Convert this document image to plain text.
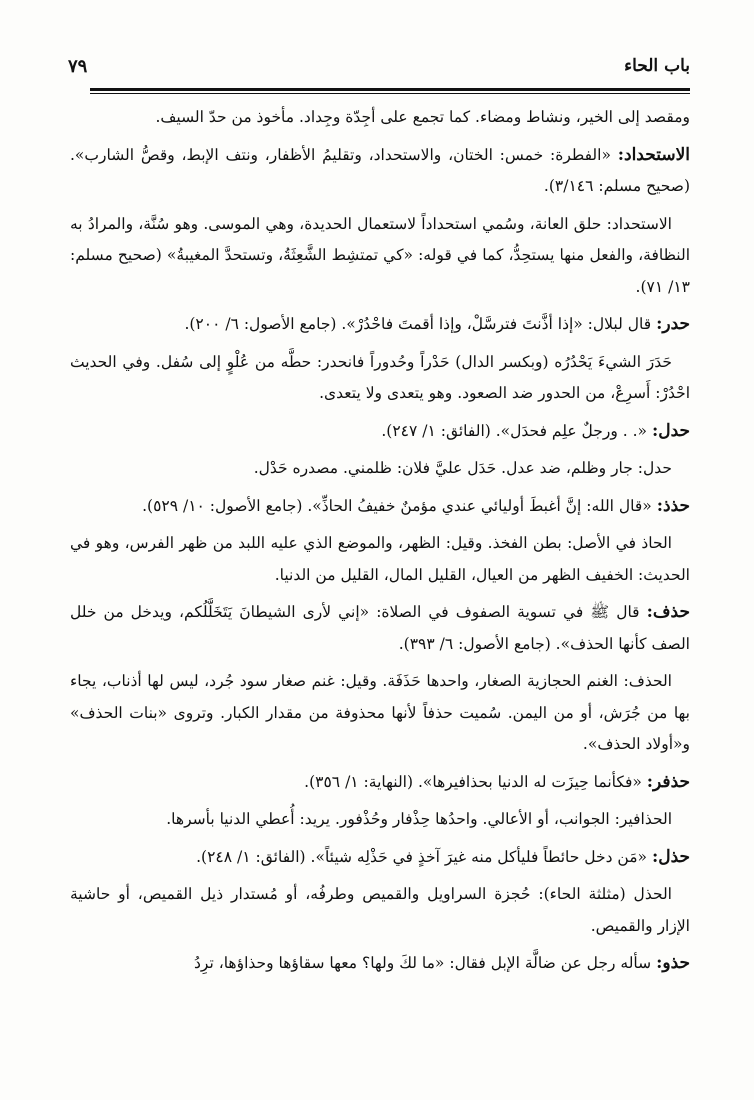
باب الحاء
٧٩

ومقصد إلى الخير، ونشاط ومضاء. كما تجمع على أجِدّة وجِداد. مأخوذ من حدّ السيف.

الاستحداد: «الفطرة: خمس: الختان، والاستحداد، وتقليمُ الأظفار، ونتف الإبط، وقصُّ الشارب». (صحيح مسلم: ٣/١٤٦).

الاستحداد: حلق العانة، وسُمي استحداداً لاستعمال الحديدة، وهي الموسى. وهو سُنَّة، والمرادُ به النظافة، والفعل منها يستحِدُّ، كما في قوله: «كي تمتشِط الشَّعِثَةُ، وتستحدَّ المغيبةُ» (صحيح مسلم: ١٣/ ٧١).

حدر: قال لبلال: «إذا أذَّنتَ فترسَّلْ، وإذا أقمتَ فاحْدُرْ». (جامع الأصول: ٦/ ٢٠٠).

حَدَرَ الشيءَ يَحْدُرُه (وبكسر الدال) حَدْراً وحُدوراً فانحدر: حطَّه من عُلْوٍ إلى سُفل. وفي الحديث احْدُرْ: أَسرِعْ، من الحدور ضد الصعود. وهو يتعدى ولا يتعدى.

حدل: «. . ورجلٌ علِم فحدَل». (الفائق: ١/ ٢٤٧).

حدل: جار وظلم، ضد عدل. حَدَل عليَّ فلان: ظلمني. مصدره حَدْل.

حذذ: «قال الله: إنَّ أغبطَ أوليائي عندي مؤمنٌ خفيفُ الحاذِّ». (جامع الأصول: ١٠/ ٥٢٩).

الحاذ في الأصل: بطن الفخذ. وقيل: الظهر، والموضع الذي عليه اللبد من ظهر الفرس، وهو في الحديث: الخفيف الظهر من العيال، القليل المال، القليل من الدنيا.

حذف: قال ﷺ في تسوية الصفوف في الصلاة: «إني لأرى الشيطانَ يَتَخَلَّلُكم، ويدخل من خلل الصف كأنها الحذف». (جامع الأصول: ٦/ ٣٩٣).

الحذف: الغنم الحجازية الصغار، واحدها حَذَفَة. وقيل: غنم صغار سود جُرد، ليس لها أذناب، يجاء بها من جُرَش، أو من اليمن. سُميت حذفاً لأنها محذوفة من مقدار الكبار. وتروى «بنات الحذف» و«أولاد الحذف».

حذفر: «فكأنما حِيزَت له الدنيا بحذافيرها». (النهاية: ١/ ٣٥٦).

الحذافير: الجوانب، أو الأعالي. واحدُها حِذْفار وحُذْفور. يريد: أُعطي الدنيا بأسرها.

حذل: «مَن دخل حائطاً فليأكل منه غيرَ آخذٍ في حَذْلِه شيئاً». (الفائق: ١/ ٢٤٨).

الحذل (مثلثة الحاء): حُجزة السراويل والقميص وطرفُه، أو مُستدار ذيل القميص، أو حاشية الإزار والقميص.

حذو: سأله رجل عن ضالَّة الإبل فقال: «ما لكَ ولها؟ معها سقاؤها وحذاؤها، ترِدُ
